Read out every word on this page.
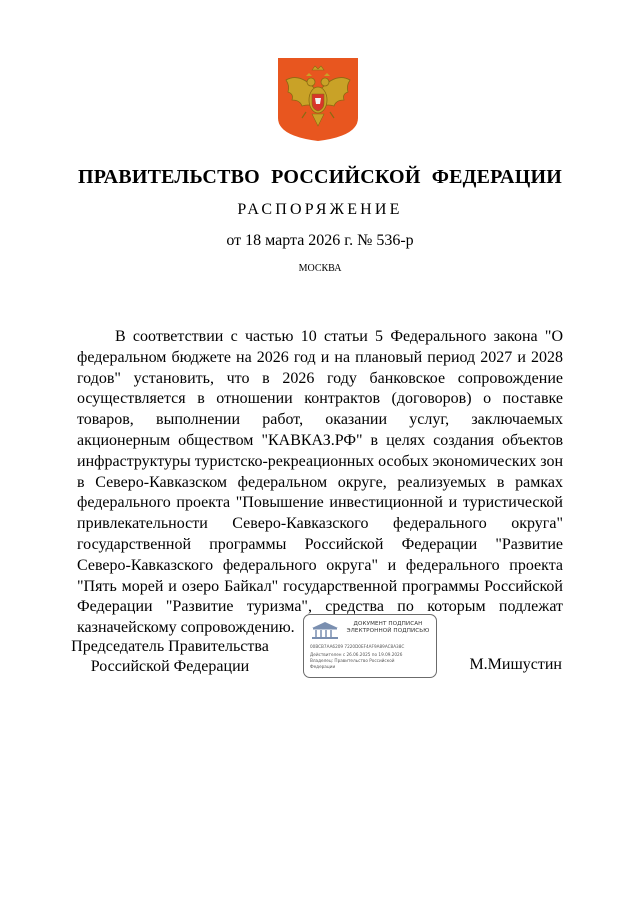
ПРАВИТЕЛЬСТВО РОССИЙСКОЙ ФЕДЕРАЦИИ
РАСПОРЯЖЕНИЕ
от 18 марта 2026 г. № 536-р
МОСКВА
В соответствии с частью 10 статьи 5 Федерального закона "О федеральном бюджете на 2026 год и на плановый период 2027 и 2028 годов" установить, что в 2026 году банковское сопровождение осуществляется в отношении контрактов (договоров) о поставке товаров, выполнении работ, оказании услуг, заключаемых акционерным обществом "КАВКАЗ.РФ" в целях создания объектов инфраструктуры туристско-рекреационных особых экономических зон в Северо-Кавказском федеральном округе, реализуемых в рамках федерального проекта "Повышение инвестиционной и туристической привлекательности Северо-Кавказского федерального округа" государственной программы Российской Федерации "Развитие Северо-Кавказского федерального округа" и федерального проекта "Пять морей и озеро Байкал" государственной программы Российской Федерации "Развитие туризма", средства по которым подлежат казначейскому сопровождению.
Председатель Правительства Российской Федерации
ДОКУМЕНТ ПОДПИСАН ЭЛЕКТРОННОЙ ПОДПИСЬЮ
00BCB7AA6209 7220D0EF4AF9A89AC8A38C
Действителен с 26.06.2025 по 19.09.2026
Владелец: Правительство Российской Федерации	М.Мишустин
